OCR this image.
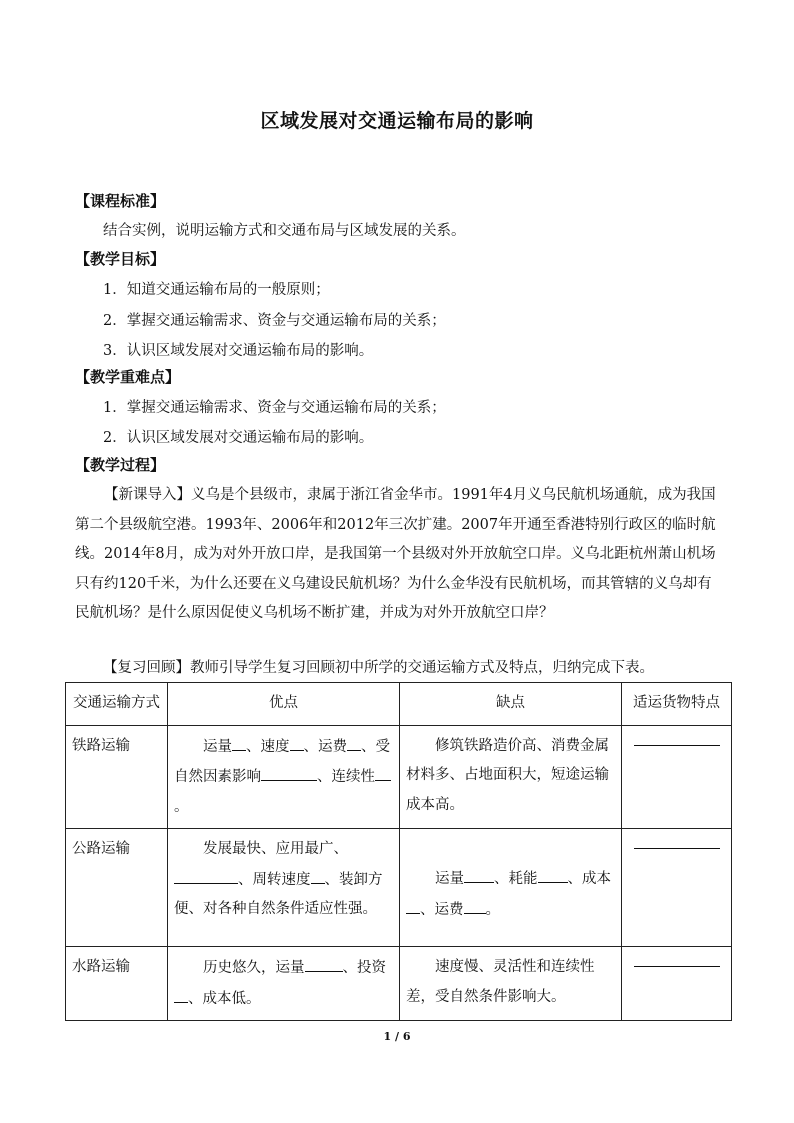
区域发展对交通运输布局的影响
【课程标准】
结合实例，说明运输方式和交通布局与区域发展的关系。
【教学目标】
1．知道交通运输布局的一般原则；
2．掌握交通运输需求、资金与交通运输布局的关系；
3．认识区域发展对交通运输布局的影响。
【教学重难点】
1．掌握交通运输需求、资金与交通运输布局的关系；
2．认识区域发展对交通运输布局的影响。
【教学过程】
【新课导入】义乌是个县级市，隶属于浙江省金华市。1991年4月义乌民航机场通航，成为我国第二个县级航空港。1993年、2006年和2012年三次扩建。2007年开通至香港特别行政区的临时航线。2014年8月，成为对外开放口岸，是我国第一个县级对外开放航空口岸。义乌北距杭州萧山机场只有约120千米，为什么还要在义乌建设民航机场？为什么金华没有民航机场，而其管辖的义乌却有民航机场？是什么原因促使义乌机场不断扩建，并成为对外开放航空口岸？
【复习回顾】教师引导学生复习回顾初中所学的交通运输方式及特点，归纳完成下表。
交通运输方式	优点	缺点	适运货物特点
铁路运输	运量 、速度 、运费 、受自然因素影响 、连续性。	修筑铁路造价高、消费金属材料多、占地面积大，短途运输成本高。	

公路运输	发展最快、应用最广、、周转速度 、装卸方便、对各种自然条件适应性强。	运量 、耗能 、成本、运费 。	

水路运输	历史悠久，运量 、投资、成本低。	速度慢、灵活性和连续性差，受自然条件影响大。	
1 / 6
